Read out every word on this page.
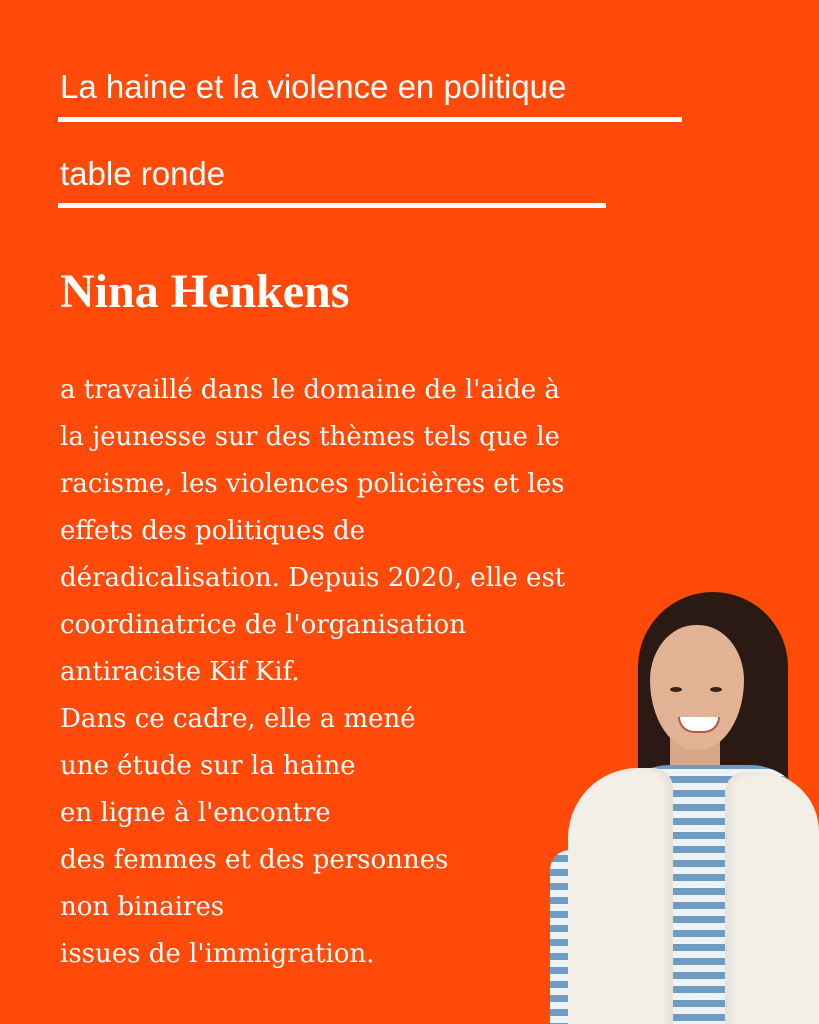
La haine et la violence en politique
table ronde
Nina Henkens
a travaillé dans le domaine de l'aide à
la jeunesse sur des thèmes tels que le
racisme, les violences policières et les
effets des politiques de
déradicalisation. Depuis 2020, elle est
coordinatrice de l'organisation
antiraciste Kif Kif.
Dans ce cadre, elle a mené
une étude sur la haine
en ligne à l'encontre
des femmes et des personnes
non binaires
issues de l'immigration.
